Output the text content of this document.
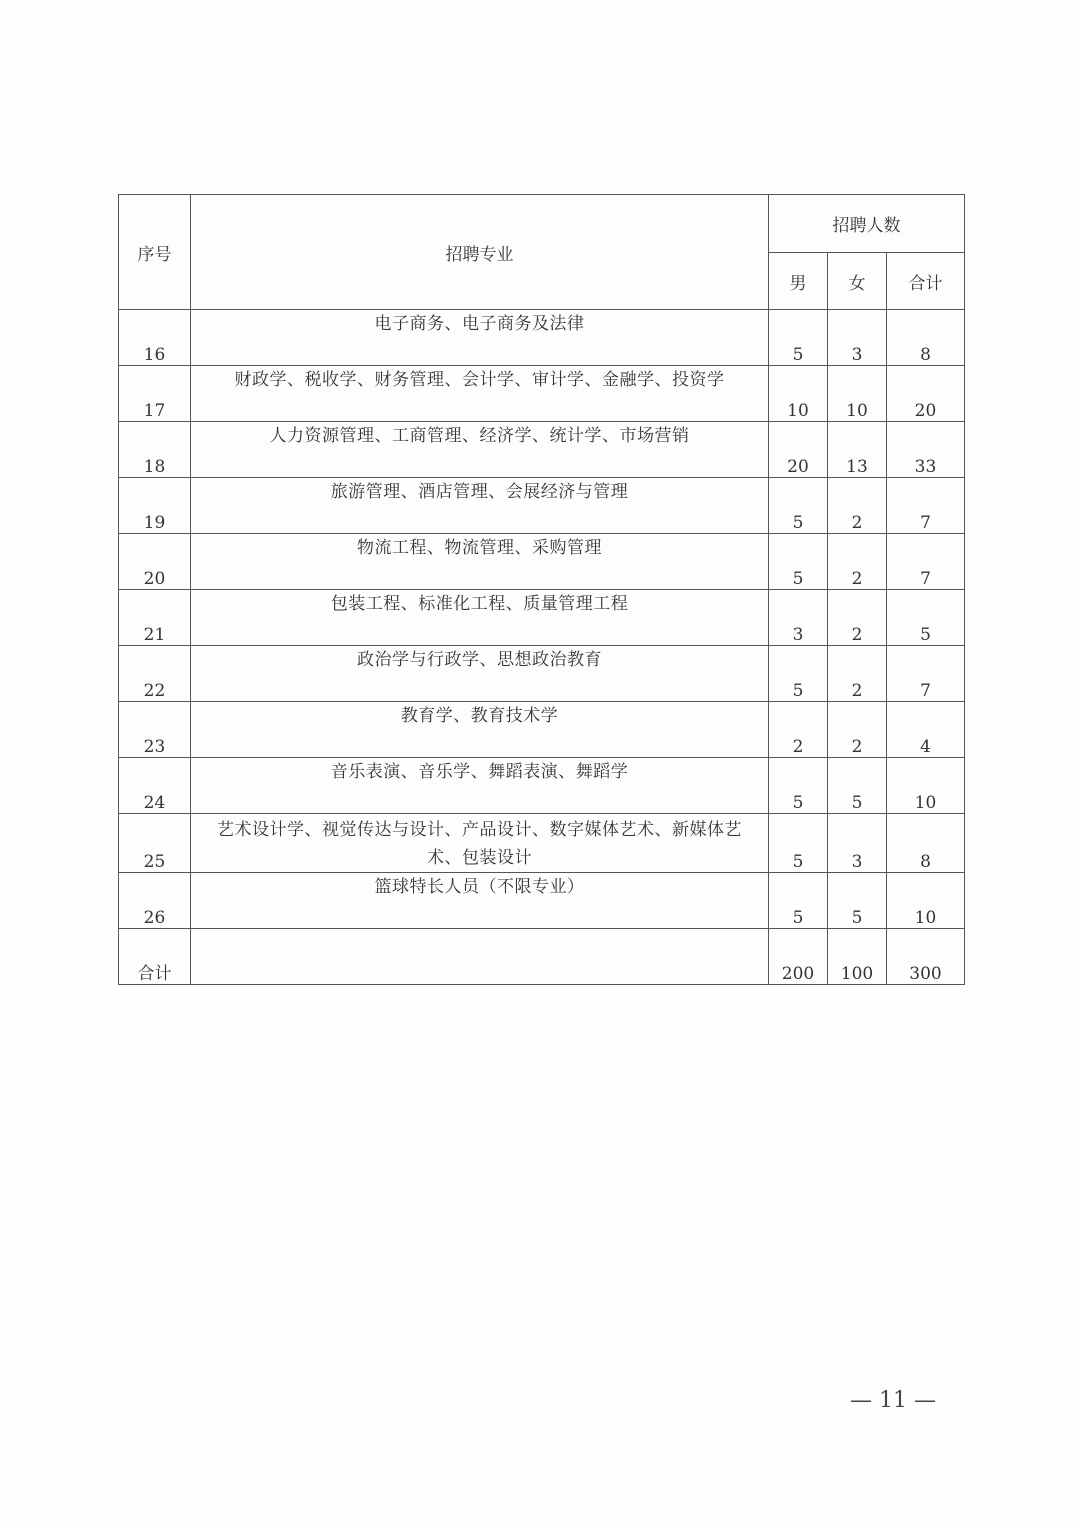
序号	招聘专业	招聘人数		
		男	女	合计
16	电子商务、电子商务及法律	5	3	8
17	财政学、税收学、财务管理、会计学、审计学、金融学、投资学	10	10	20
18	人力资源管理、工商管理、经济学、统计学、市场营销	20	13	33
19	旅游管理、酒店管理、会展经济与管理	5	2	7
20	物流工程、物流管理、采购管理	5	2	7
21	包装工程、标准化工程、质量管理工程	3	2	5
22	政治学与行政学、思想政治教育	5	2	7
23	教育学、教育技术学	2	2	4
24	音乐表演、音乐学、舞蹈表演、舞蹈学	5	5	10
25	艺术设计学、视觉传达与设计、产品设计、数字媒体艺术、新媒体艺术、包装设计	5	3	8
26	篮球特长人员（不限专业）	5	5	10
合计		200	100	300
— 11 —
